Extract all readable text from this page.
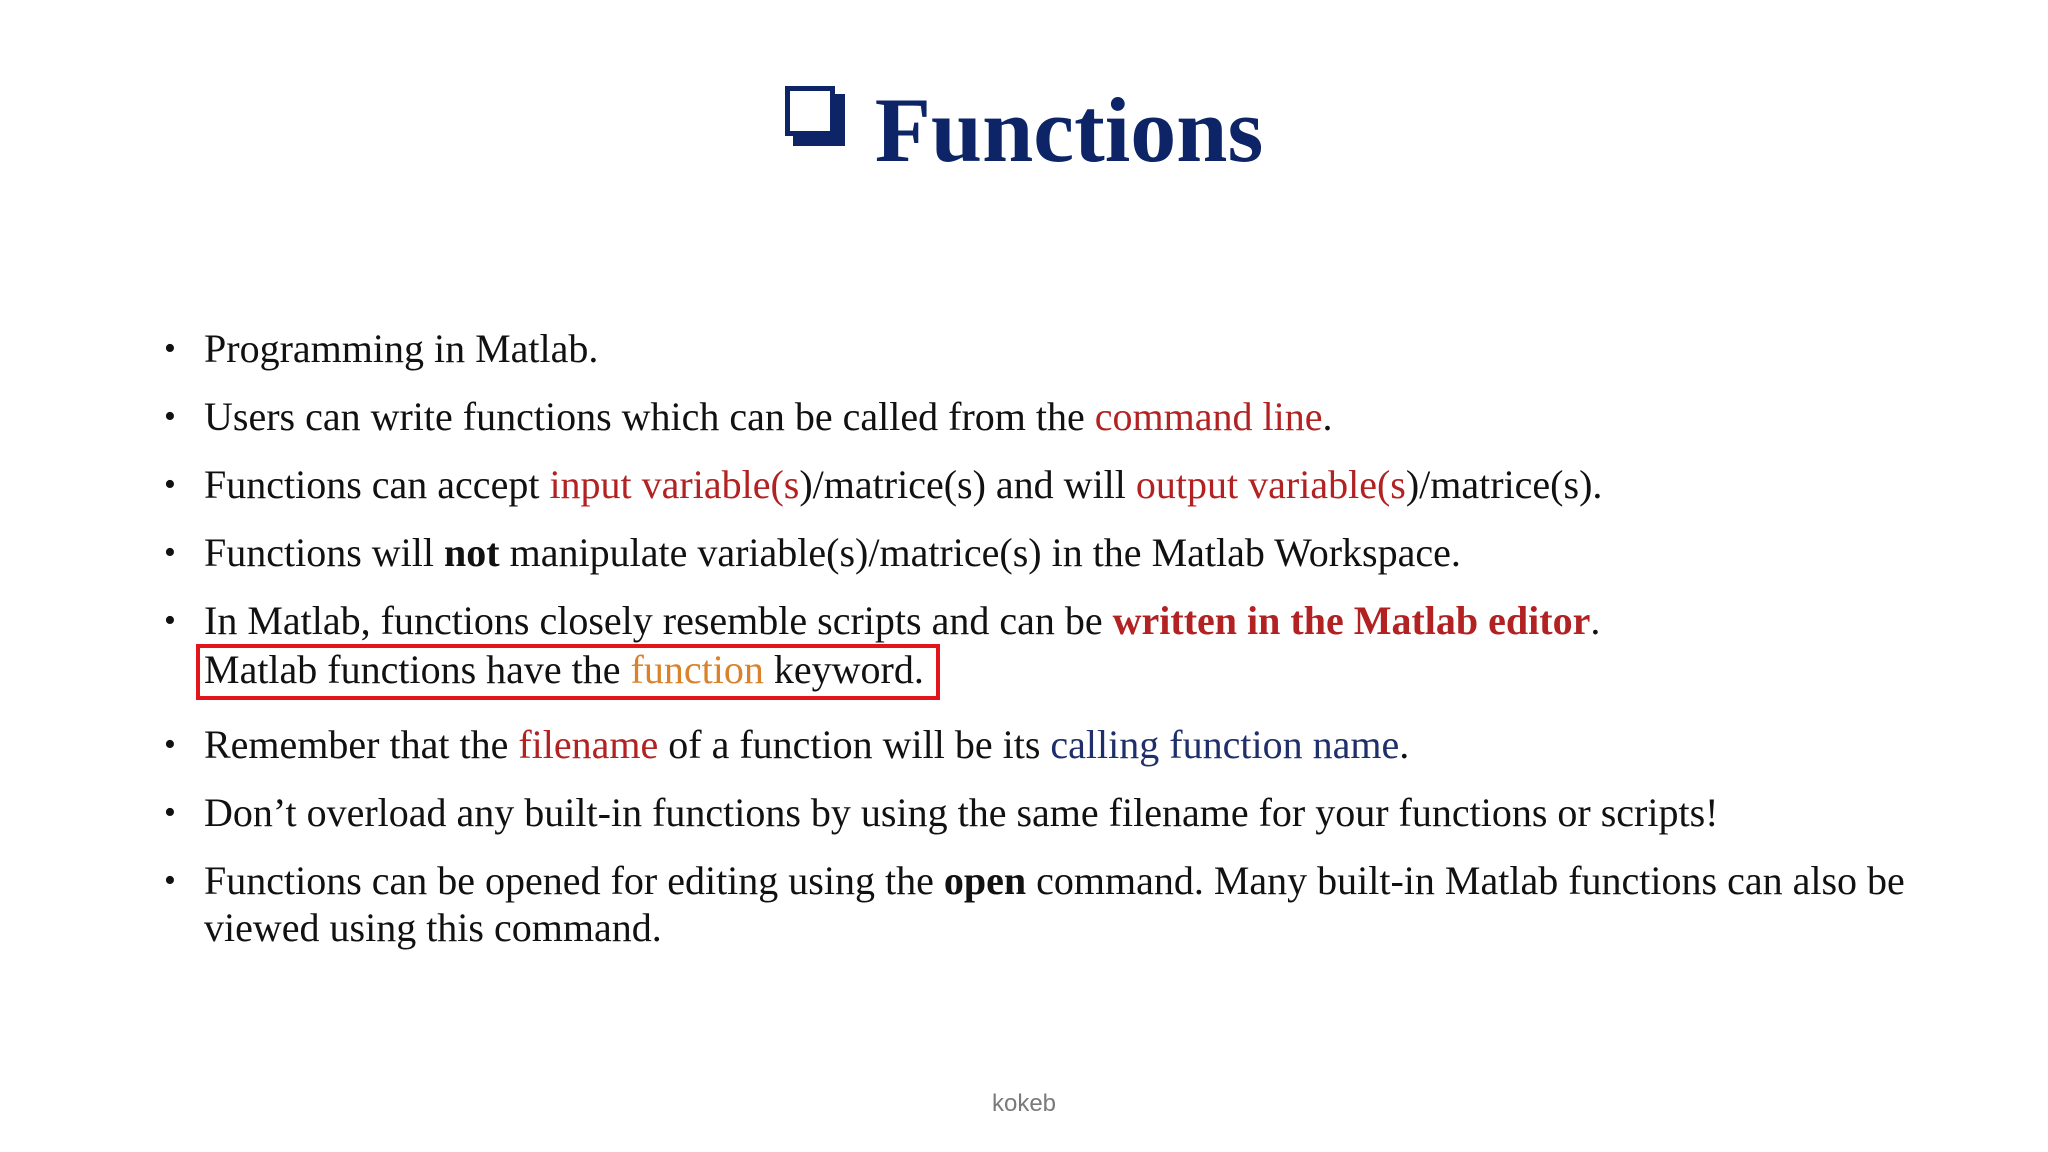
Functions
• Programming in Matlab.
• Users can write functions which can be called from the command line.
• Functions can accept input variable(s)/matrice(s) and will output variable(s)/matrice(s).
• Functions will not manipulate variable(s)/matrice(s) in the Matlab Workspace.
• In Matlab, functions closely resemble scripts and can be written in the Matlab editor.
Matlab functions have the function keyword.
• Remember that the filename of a function will be its calling function name.
• Don’t overload any built-in functions by using the same filename for your functions or scripts!
• Functions can be opened for editing using the open command. Many built-in Matlab functions can also be viewed using this command.
kokeb
